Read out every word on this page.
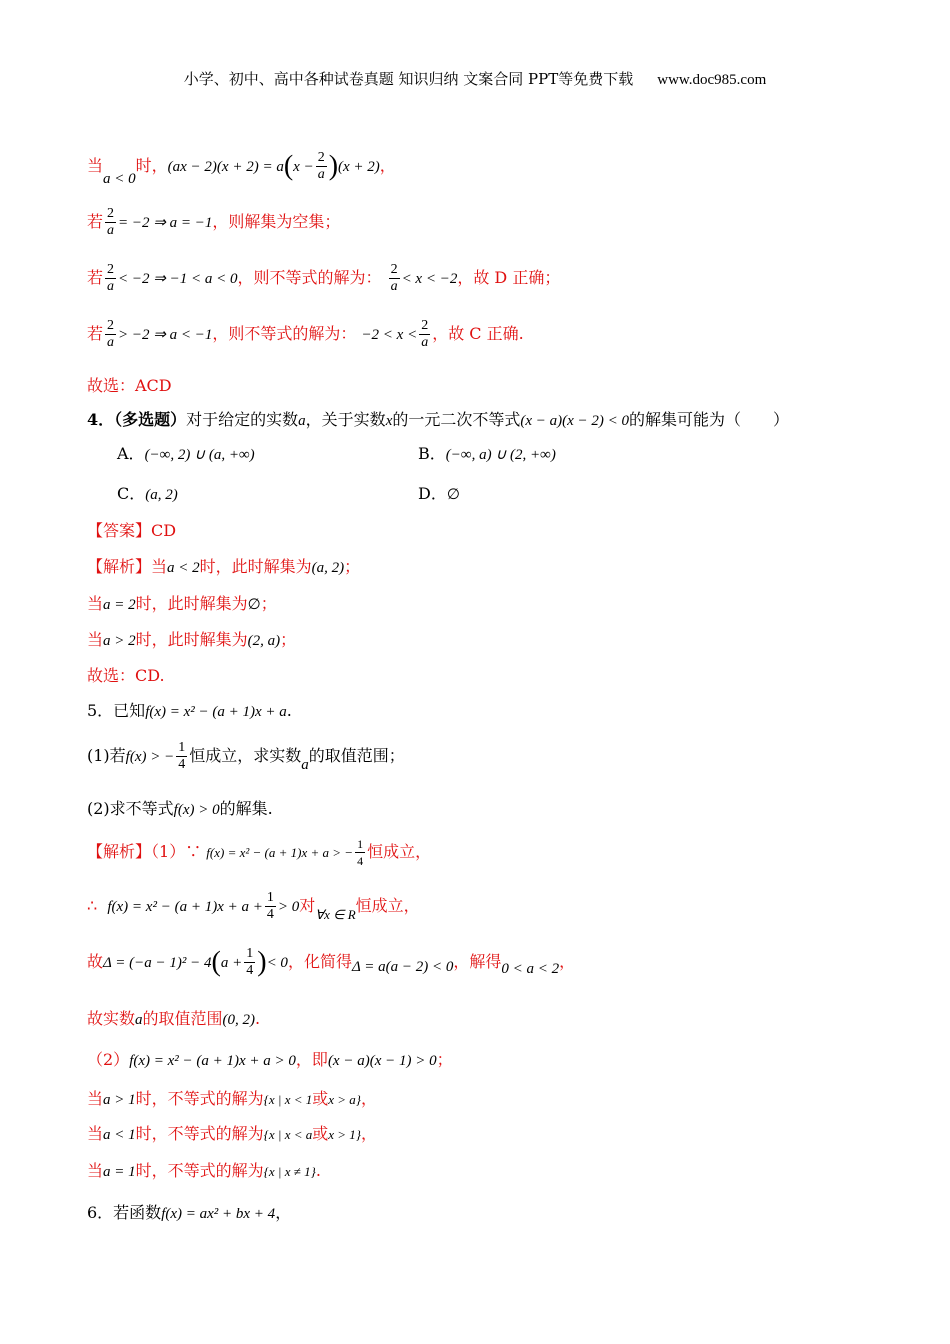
小学、初中、高中各种试卷真题 知识归纳 文案合同 PPT等免费下载 www.doc985.com
当a < 0时，$(ax - 2)(x + 2) = a(x - \frac{2}{a} )(x + 2)$，
若 $\frac{2}{a} = -2$ ⇒ a = −1，则解集为空集；
若 $\frac{2}{a} < -2$ ⇒ −1 < a < 0，则不等式的解为： $\frac{2}{a} < x < -2$，故 D 正确；
若 $\frac{2}{a} > -2$ ⇒ a < −1，则不等式的解为： $-2 < x < \frac{2}{a}$ ，故 C 正确.
故选：ACD
4．（多选题）对于给定的实数a，关于实数x的一元二次不等式(x − a)(x − 2) < 0的解集可能为（　　）
A．(−∞, 2) ∪ (a, +∞)	B．(−∞, a) ∪ (2, +∞)
C．(a, 2)	D．∅
【答案】CD
【解析】当a < 2时，此时解集为(a, 2)；
当a = 2时，此时解集为∅；
当a > 2时，此时解集为(2, a)；
故选：CD.
5．已知f(x) = x² − (a + 1)x + a.
(1)若f(x) > − $\frac{1}{4}$ 恒成立，求实数a的取值范围；
(2)求不等式f(x) > 0的解集.
【解析】（1）∵ f(x) = x² − (a + 1)x + a > − $\frac{1}{4}$ 恒成立，
∴ $f(x) = x^2 - (a + 1)x + a + \frac{1}{4} > 0$对$_{\forall x \in R}$恒成立，
故$\Delta = (-a - 1)^2 - 4(a + \frac{1}{4}$ )< 0，化简得Δ = a(a − 2) < 0，解得0 < a < 2，
故实数a的取值范围(0, 2).
（2）f(x) = x² − (a + 1)x + a > 0，即(x − a)(x − 1) > 0；
当a > 1时，不等式的解为{x | x < 1或x > a}，
当a < 1时，不等式的解为{x | x < a或x > 1}，
当a = 1时，不等式的解为{x | x ≠ 1}.
6．若函数f(x) = ax² + bx + 4，
